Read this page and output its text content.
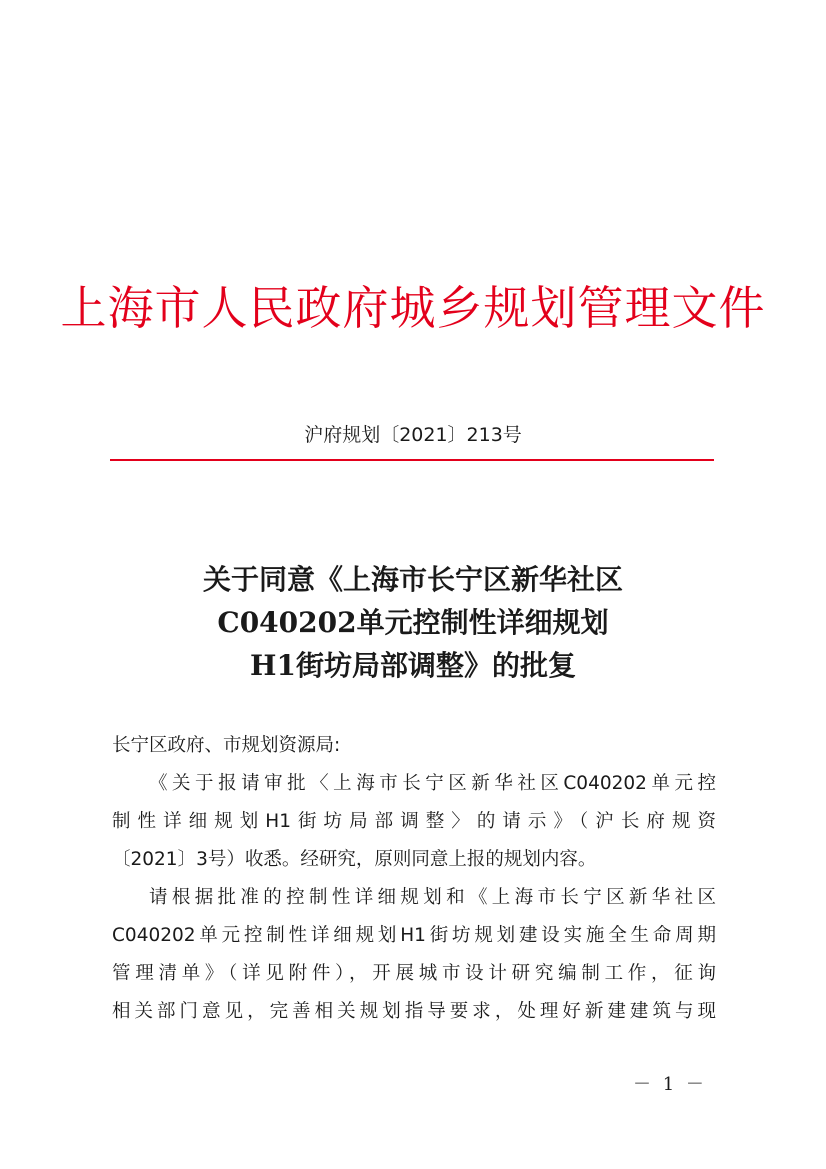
上海市人民政府城乡规划管理文件
沪府规划〔2021〕213号
关于同意《上海市长宁区新华社区
C040202单元控制性详细规划
H1街坊局部调整》的批复
长宁区政府、市规划资源局:
《关于报请审批〈上海市长宁区新华社区C040202单元控
制性详细规划H1街坊局部调整〉的请示》（沪长府规资
〔2021〕3号）收悉。经研究，原则同意上报的规划内容。
请根据批准的控制性详细规划和《上海市长宁区新华社区
C040202单元控制性详细规划H1街坊规划建设实施全生命周期
管理清单》（详见附件），开展城市设计研究编制工作，征询
相关部门意见，完善相关规划指导要求，处理好新建建筑与现
－ 1 －
